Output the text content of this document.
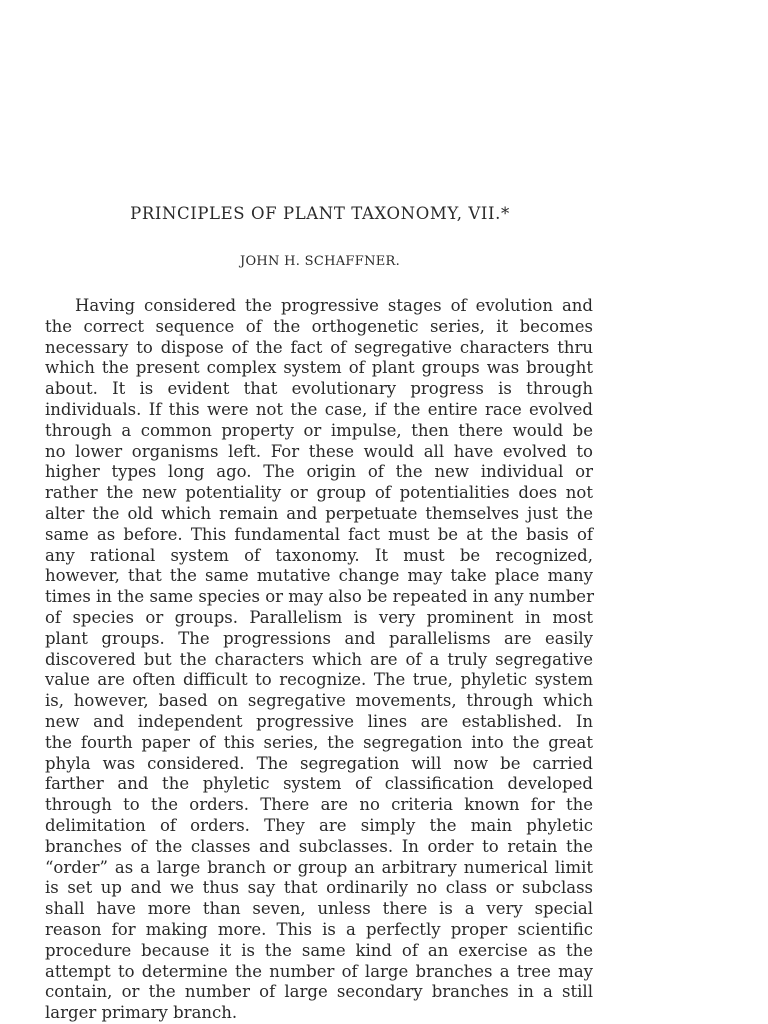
PRINCIPLES OF PLANT TAXONOMY, VII.*
JOHN H. SCHAFFNER.
Having considered the progressive stages of evolution and
the correct sequence of the orthogenetic series, it becomes
necessary to dispose of the fact of segregative characters thru
which the present complex system of plant groups was brought
about. It is evident that evolutionary progress is through
individuals. If this were not the case, if the entire race evolved
through a common property or impulse, then there would be
no lower organisms left. For these would all have evolved to
higher types long ago. The origin of the new individual or
rather the new potentiality or group of potentialities does not
alter the old which remain and perpetuate themselves just the
same as before. This fundamental fact must be at the basis of
any rational system of taxonomy. It must be recognized,
however, that the same mutative change may take place many
times in the same species or may also be repeated in any number
of species or groups. Parallelism is very prominent in most
plant groups. The progressions and parallelisms are easily
discovered but the characters which are of a truly segregative
value are often difficult to recognize. The true, phyletic system
is, however, based on segregative movements, through which
new and independent progressive lines are established. In
the fourth paper of this series, the segregation into the great
phyla was considered. The segregation will now be carried
farther and the phyletic system of classification developed
through to the orders. There are no criteria known for the
delimitation of orders. They are simply the main phyletic
branches of the classes and subclasses. In order to retain the
“order” as a large branch or group an arbitrary numerical limit
is set up and we thus say that ordinarily no class or subclass
shall have more than seven, unless there is a very special
reason for making more. This is a perfectly proper scientific
procedure because it is the same kind of an exercise as the
attempt to determine the number of large branches a tree may
contain, or the number of large secondary branches in a still
larger primary branch.
